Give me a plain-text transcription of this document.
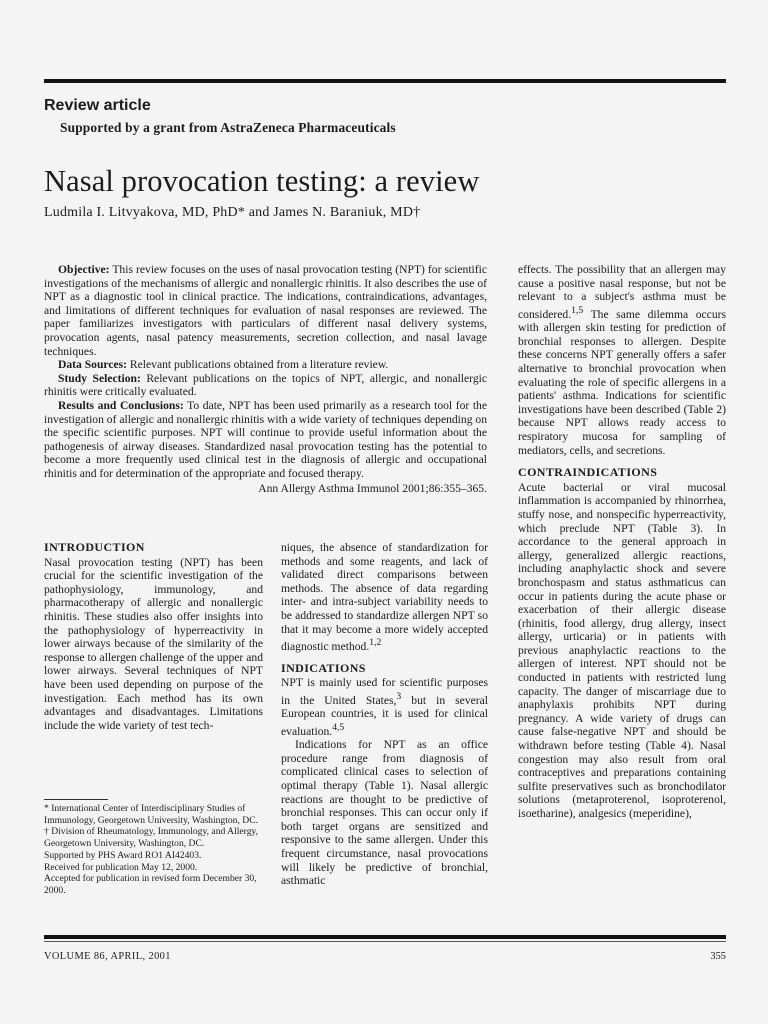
Review article
Supported by a grant from AstraZeneca Pharmaceuticals
Nasal provocation testing: a review
Ludmila I. Litvyakova, MD, PhD* and James N. Baraniuk, MD†

Objective: This review focuses on the uses of nasal provocation testing (NPT) for scientific investigations of the mechanisms of allergic and nonallergic rhinitis. It also describes the use of NPT as a diagnostic tool in clinical practice. The indications, contraindications, advantages, and limitations of different techniques for evaluation of nasal responses are reviewed. The paper familiarizes investigators with particulars of different nasal delivery systems, provocation agents, nasal patency measurements, secretion collection, and nasal lavage techniques.

Data Sources: Relevant publications obtained from a literature review.

Study Selection: Relevant publications on the topics of NPT, allergic, and nonallergic rhinitis were critically evaluated.

Results and Conclusions: To date, NPT has been used primarily as a research tool for the investigation of allergic and nonallergic rhinitis with a wide variety of techniques depending on the specific scientific purposes. NPT will continue to provide useful information about the pathogenesis of airway diseases. Standardized nasal provocation testing has the potential to become a more frequently used clinical test in the diagnosis of allergic and occupational rhinitis and for determination of the appropriate and focused therapy.

Ann Allergy Asthma Immunol 2001;86:355–365.

INTRODUCTION

Nasal provocation testing (NPT) has been crucial for the scientific investigation of the pathophysiology, immunology, and pharmacotherapy of allergic and nonallergic rhinitis. These studies also offer insights into the pathophysiology of hyperreactivity in lower airways because of the similarity of the response to allergen challenge of the upper and lower airways. Several techniques of NPT have been used depending on purpose of the investigation. Each method has its own advantages and disadvantages. Limitations include the wide variety of test tech-

* International Center of Interdisciplinary Studies of Immunology, Georgetown University, Washington, DC.

† Division of Rheumatology, Immunology, and Allergy, Georgetown University, Washington, DC.

Supported by PHS Award RO1 AI42403.

Received for publication May 12, 2000.

Accepted for publication in revised form December 30, 2000.

niques, the absence of standardization for methods and some reagents, and lack of validated direct comparisons between methods. The absence of data regarding inter- and intra-subject variability needs to be addressed to standardize allergen NPT so that it may become a more widely accepted diagnostic method.$^{1,2}$

INDICATIONS

NPT is mainly used for scientific purposes in the United States,$^3$ but in several European countries, it is used for clinical evaluation.$^{4,5}$

Indications for NPT as an office procedure range from diagnosis of complicated clinical cases to selection of optimal therapy (Table 1). Nasal allergic reactions are thought to be predictive of bronchial responses. This can occur only if both target organs are sensitized and responsive to the same allergen. Under this frequent circumstance, nasal provocations will likely be predictive of bronchial, asthmatic

effects. The possibility that an allergen may cause a positive nasal response, but not be relevant to a subject's asthma must be considered.$^{1,5}$ The same dilemma occurs with allergen skin testing for prediction of bronchial responses to allergen. Despite these concerns NPT generally offers a safer alternative to bronchial provocation when evaluating the role of specific allergens in a patients' asthma. Indications for scientific investigations have been described (Table 2) because NPT allows ready access to respiratory mucosa for sampling of mediators, cells, and secretions.

CONTRAINDICATIONS

Acute bacterial or viral mucosal inflammation is accompanied by rhinorrhea, stuffy nose, and nonspecific hyperreactivity, which preclude NPT (Table 3). In accordance to the general approach in allergy, generalized allergic reactions, including anaphylactic shock and severe bronchospasm and status asthmaticus can occur in patients during the acute phase or exacerbation of their allergic disease (rhinitis, food allergy, drug allergy, insect allergy, urticaria) or in patients with previous anaphylactic reactions to the allergen of interest. NPT should not be conducted in patients with restricted lung capacity. The danger of miscarriage due to anaphylaxis prohibits NPT during pregnancy. A wide variety of drugs can cause false-negative NPT and should be withdrawn before testing (Table 4). Nasal congestion may also result from oral contraceptives and preparations containing sulfite preservatives such as bronchodilator solutions (metaproterenol, isoproterenol, isoetharine), analgesics (meperidine),

VOLUME 86, APRIL, 2001	355
